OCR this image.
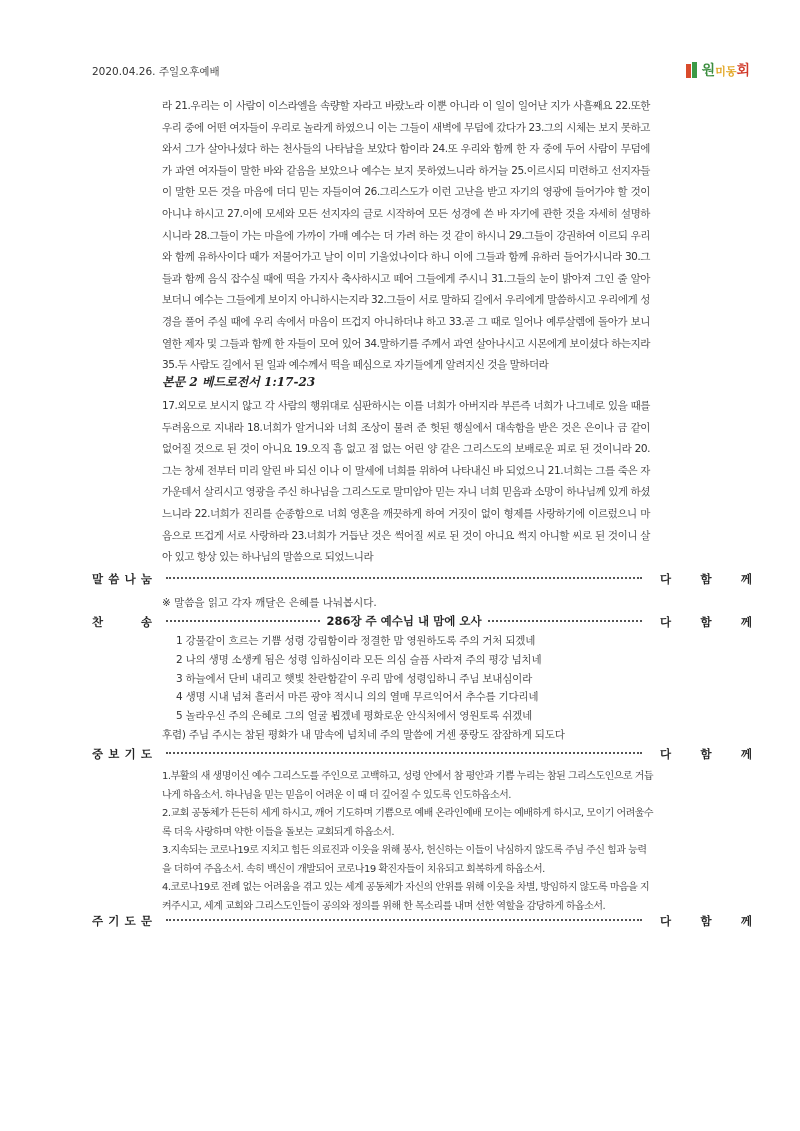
2020.04.26. 주일오후예배	원미동회
라 21.우리는 이 사람이 이스라엘을 속량할 자라고 바랐노라 이뿐 아니라 이 일이 일어난 지가 사흘째요 22.또한 우리 중에 어떤 여자들이 우리로 놀라게 하였으니 이는 그들이 새벽에 무덤에 갔다가 23.그의 시체는 보지 못하고 와서 그가 살아나셨다 하는 천사들의 나타남을 보았다 함이라 24.또 우리와 함께 한 자 중에 두어 사람이 무덤에 가 과연 여자들이 말한 바와 같음을 보았으나 예수는 보지 못하였느니라 하거늘 25.이르시되 미련하고 선지자들이 말한 모든 것을 마음에 더디 믿는 자들이여 26.그리스도가 이런 고난을 받고 자기의 영광에 들어가야 할 것이 아니냐 하시고 27.이에 모세와 모든 선지자의 글로 시작하여 모든 성경에 쓴 바 자기에 관한 것을 자세히 설명하시니라 28.그들이 가는 마을에 가까이 가매 예수는 더 가려 하는 것 같이 하시니 29.그들이 강권하여 이르되 우리와 함께 유하사이다 때가 저물어가고 날이 이미 기울었나이다 하니 이에 그들과 함께 유하러 들어가시니라 30.그들과 함께 음식 잡수실 때에 떡을 가지사 축사하시고 떼어 그들에게 주시니 31.그들의 눈이 밝아져 그인 줄 알아 보더니 예수는 그들에게 보이지 아니하시는지라 32.그들이 서로 말하되 길에서 우리에게 말씀하시고 우리에게 성경을 풀어 주실 때에 우리 속에서 마음이 뜨겁지 아니하더냐 하고 33.곧 그 때로 일어나 예루살렘에 돌아가 보니 열한 제자 및 그들과 함께 한 자들이 모여 있어 34.말하기를 주께서 과연 살아나시고 시몬에게 보이셨다 하는지라 35.두 사람도 길에서 된 일과 예수께서 떡을 떼심으로 자기들에게 알려지신 것을 말하더라
본문 2 베드로전서 1:17-23
17.외모로 보시지 않고 각 사람의 행위대로 심판하시는 이를 너희가 아버지라 부른즉 너희가 나그네로 있을 때를 두려움으로 지내라 18.너희가 알거니와 너희 조상이 물려 준 헛된 행실에서 대속함을 받은 것은 은이나 금 같이 없어질 것으로 된 것이 아니요 19.오직 흠 없고 점 없는 어린 양 같은 그리스도의 보배로운 피로 된 것이니라 20.그는 창세 전부터 미리 알린 바 되신 이나 이 말세에 너희를 위하여 나타내신 바 되었으니 21.너희는 그를 죽은 자 가운데서 살리시고 영광을 주신 하나님을 그리스도로 말미암아 믿는 자니 너희 믿음과 소망이 하나님께 있게 하셨느니라 22.너희가 진리를 순종함으로 너희 영혼을 깨끗하게 하여 거짓이 없이 형제를 사랑하기에 이르렀으니 마음으로 뜨겁게 서로 사랑하라 23.너희가 거듭난 것은 썩어질 씨로 된 것이 아니요 썩지 아니할 씨로 된 것이니 살아 있고 항상 있는 하나님의 말씀으로 되었느니라
말 씀 나 눔	다	함	께
※ 말씀을 읽고 각자 깨달은 은혜를 나눠봅시다.
찬	송	다	함	께
286장 주 예수님 내 맘에 오사
1 강물같이 흐르는 기쁨 성령 강림함이라 정결한 맘 영원하도록 주의 거처 되겠네
2 나의 생명 소생케 됨은 성령 임하심이라 모든 의심 슬픔 사라져 주의 평강 넘치네
3 하늘에서 단비 내리고 햇빛 찬란함같이 우리 맘에 성령임하니 주님 보내심이라
4 생명 시내 넘쳐 흘러서 마른 광야 적시니 의의 열매 무르익어서 추수를 기다리네
5 놀라우신 주의 은혜로 그의 얼굴 뵙겠네 평화로운 안식처에서 영원토록 쉬겠네
후렴) 주님 주시는 참된 평화가 내 맘속에 넘치네 주의 말씀에 거센 풍랑도 잠잠하게 되도다
중 보 기 도	다	함	께

1.부활의 새 생명이신 예수 그리스도를 주인으로 고백하고, 성령 안에서 참 평안과 기쁨 누리는 참된 그리스도인으로 거듭나게 하옵소서. 하나님을 믿는 믿음이 어려운 이 때 더 깊어질 수 있도록 인도하옵소서.

2.교회 공동체가 든든히 세게 하시고, 깨어 기도하며 기쁨으로 예배 온라인예배 모이는 예배하게 하시고, 모이기 어려울수록 더욱 사랑하며 약한 이들을 돌보는 교회되게 하옵소서.

3.지속되는 코로나19로 지치고 힘든 의료진과 이웃을 위해 봉사, 헌신하는 이들이 낙심하지 않도록 주님 주신 힘과 능력을 더하여 주옵소서. 속히 백신이 개발되어 코로나19 확진자들이 치유되고 회복하게 하옵소서.

4.코로나19로 전례 없는 어려움을 겪고 있는 세계 공동체가 자신의 안위를 위해 이웃을 차별, 방임하지 않도록 마음을 지켜주시고, 세계 교회와 그리스도인들이 공의와 정의를 위해 한 목소리를 내며 선한 역할을 감당하게 하옵소서.

주 기 도 문	다	함	께
